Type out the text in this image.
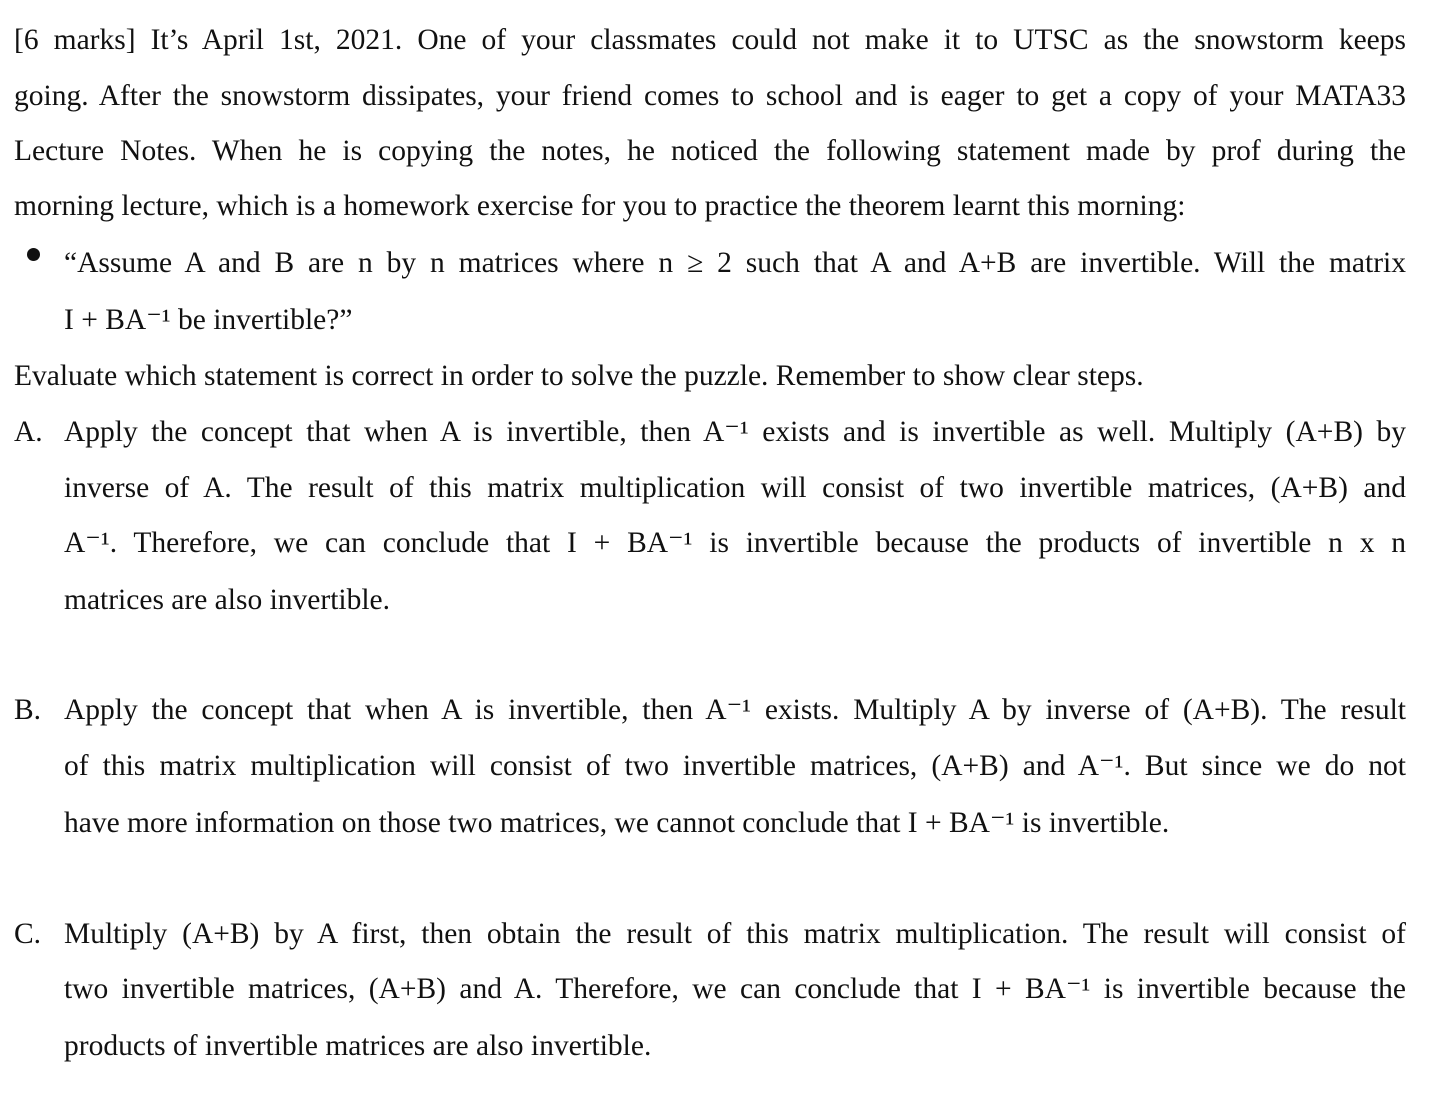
[6 marks] It’s April 1st, 2021. One of your classmates could not make it to UTSC as the snowstorm keeps
going. After the snowstorm dissipates, your friend comes to school and is eager to get a copy of your MATA33
Lecture Notes. When he is copying the notes, he noticed the following statement made by prof during the
morning lecture, which is a homework exercise for you to practice the theorem learnt this morning:
“Assume A and B are n by n matrices where n ≥ 2 such that A and A+B are invertible. Will the matrix
I + BA⁻¹ be invertible?”
Evaluate which statement is correct in order to solve the puzzle. Remember to show clear steps.
A. Apply the concept that when A is invertible, then A⁻¹ exists and is invertible as well. Multiply (A+B) by
inverse of A. The result of this matrix multiplication will consist of two invertible matrices, (A+B) and
A⁻¹. Therefore, we can conclude that I + BA⁻¹ is invertible because the products of invertible n x n
matrices are also invertible.
B. Apply the concept that when A is invertible, then A⁻¹ exists. Multiply A by inverse of (A+B). The result
of this matrix multiplication will consist of two invertible matrices, (A+B) and A⁻¹. But since we do not
have more information on those two matrices, we cannot conclude that I + BA⁻¹ is invertible.
C. Multiply (A+B) by A first, then obtain the result of this matrix multiplication. The result will consist of
two invertible matrices, (A+B) and A. Therefore, we can conclude that I + BA⁻¹ is invertible because the
products of invertible matrices are also invertible.
